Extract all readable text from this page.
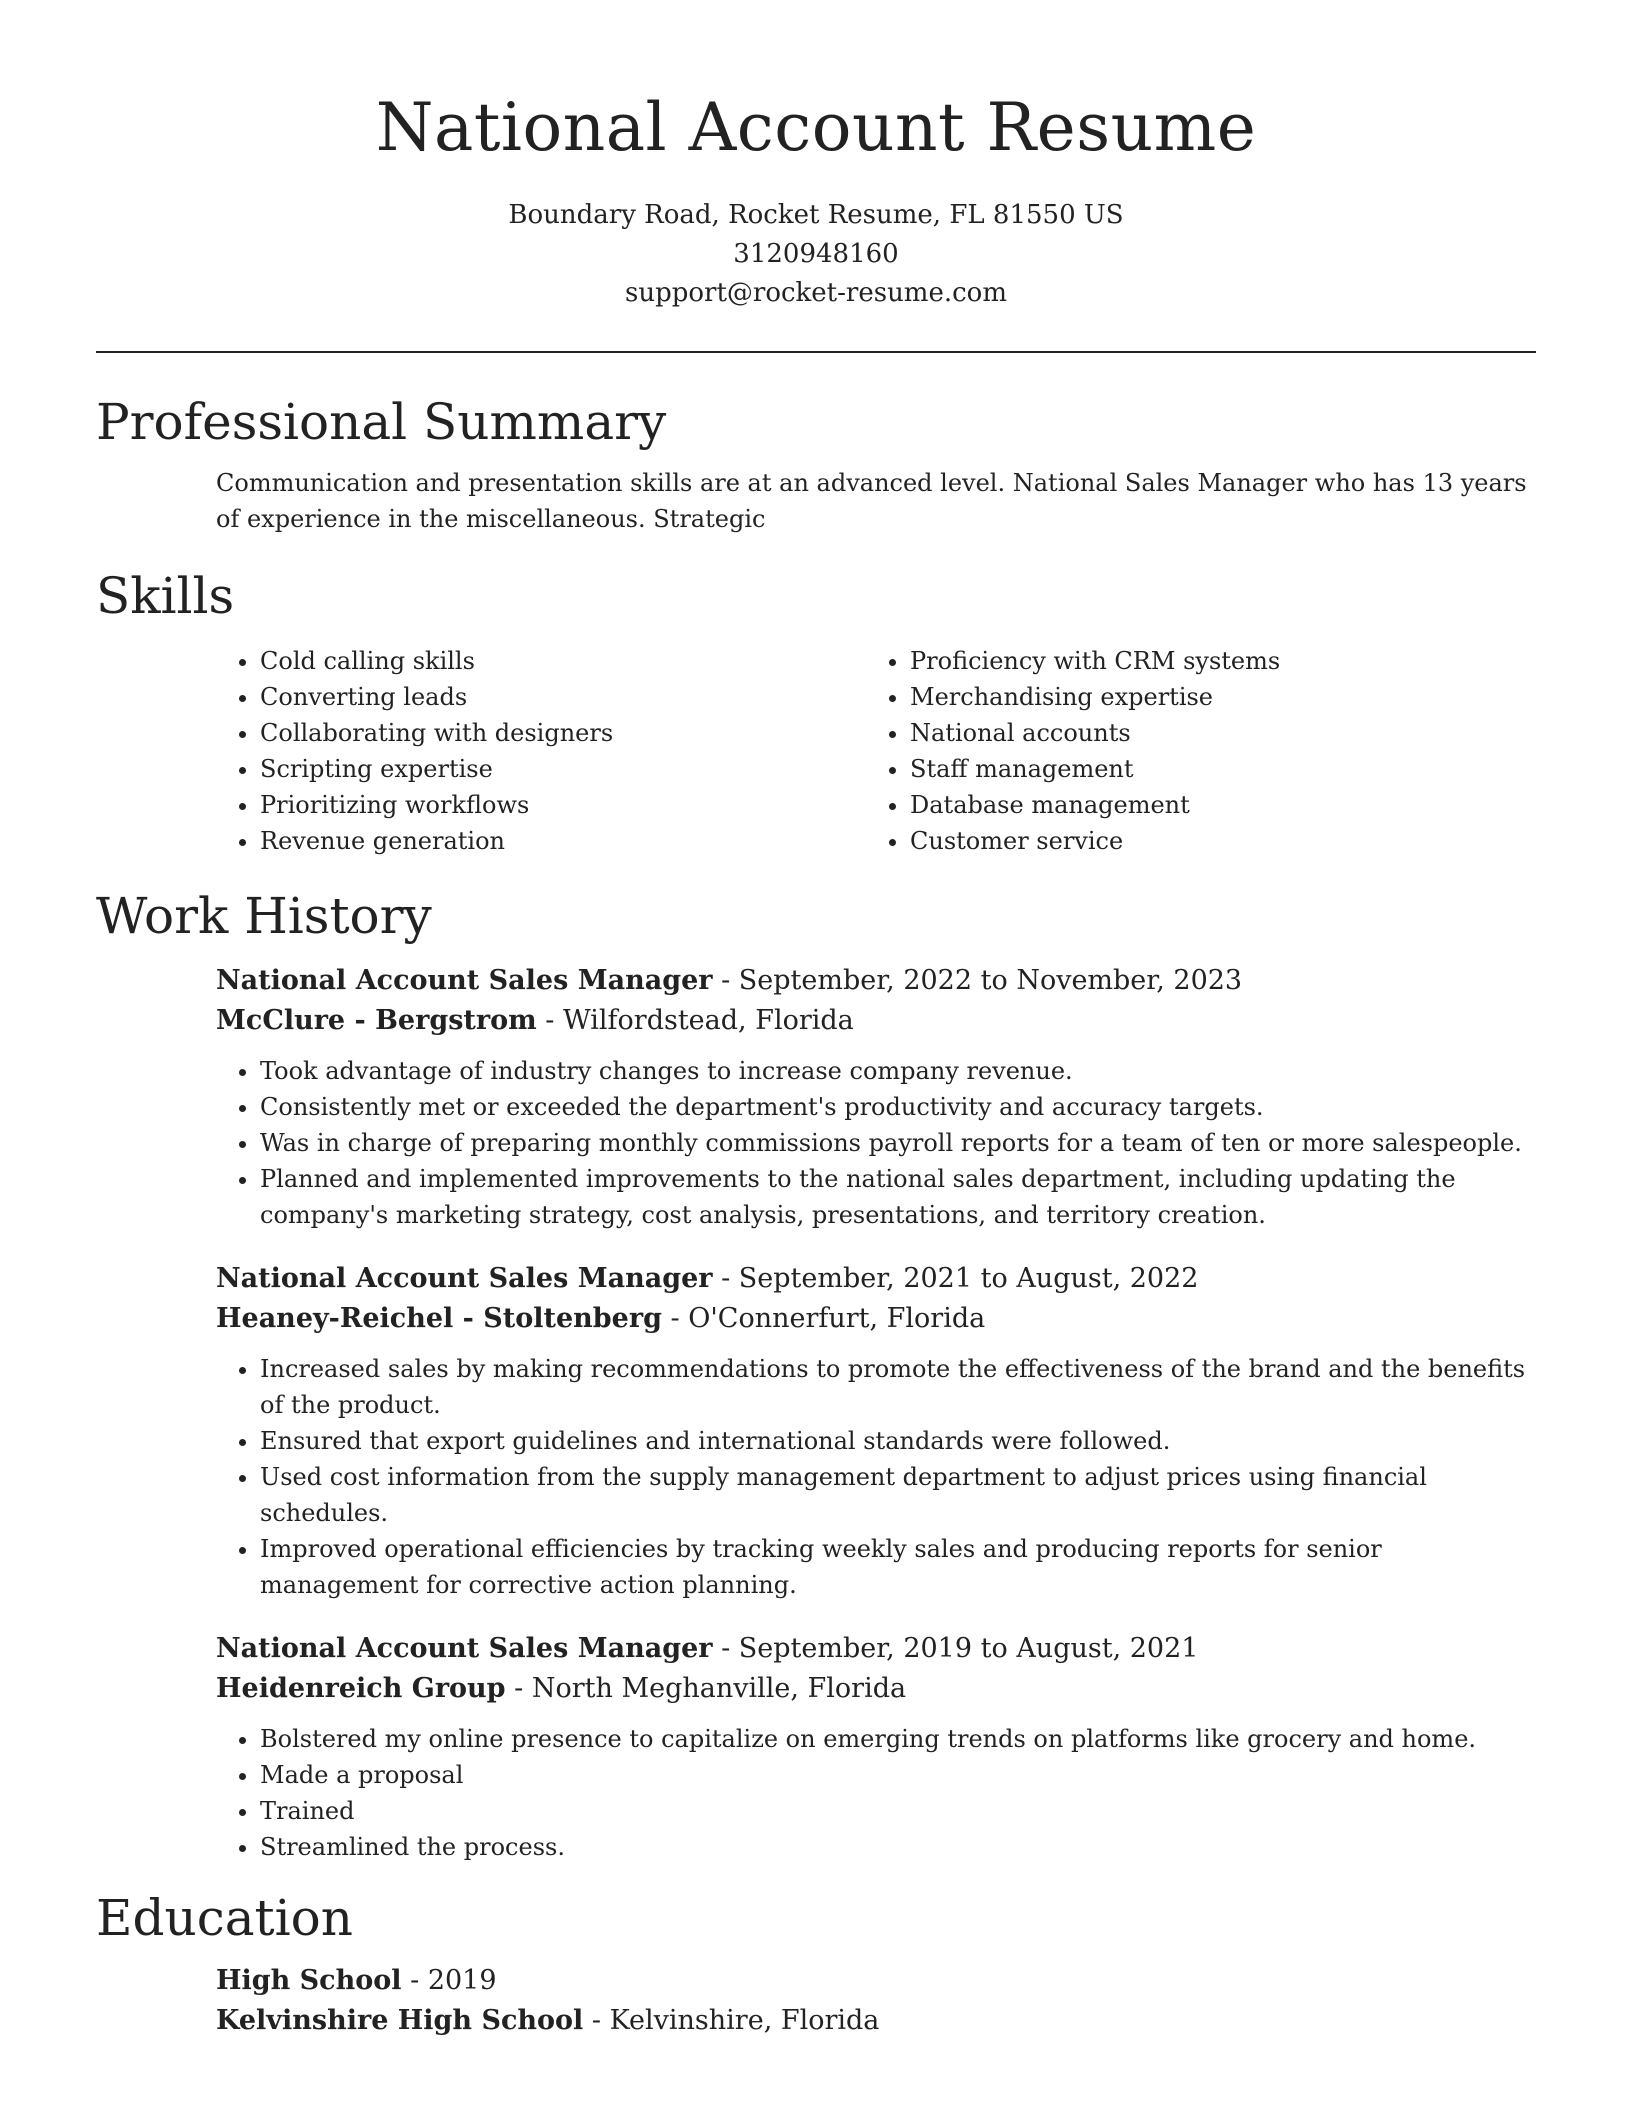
National Account Resume
Boundary Road, Rocket Resume, FL 81550 US
3120948160
support@rocket-resume.com
Professional Summary
Communication and presentation skills are at an advanced level. National Sales Manager who has 13 years of experience in the miscellaneous. Strategic
Skills
• Cold calling skills
• Converting leads
• Collaborating with designers
• Scripting expertise
• Prioritizing workflows
• Revenue generation
• Proficiency with CRM systems
• Merchandising expertise
• National accounts
• Staff management
• Database management
• Customer service
Work History
National Account Sales Manager - September, 2022 to November, 2023
McClure - Bergstrom - Wilfordstead, Florida
• Took advantage of industry changes to increase company revenue.
• Consistently met or exceeded the department's productivity and accuracy targets.
• Was in charge of preparing monthly commissions payroll reports for a team of ten or more salespeople.
• Planned and implemented improvements to the national sales department, including updating the company's marketing strategy, cost analysis, presentations, and territory creation.
National Account Sales Manager - September, 2021 to August, 2022
Heaney-Reichel - Stoltenberg - O'Connerfurt, Florida
• Increased sales by making recommendations to promote the effectiveness of the brand and the benefits of the product.
• Ensured that export guidelines and international standards were followed.
• Used cost information from the supply management department to adjust prices using financial schedules.
• Improved operational efficiencies by tracking weekly sales and producing reports for senior management for corrective action planning.
National Account Sales Manager - September, 2019 to August, 2021
Heidenreich Group - North Meghanville, Florida
• Bolstered my online presence to capitalize on emerging trends on platforms like grocery and home.
• Made a proposal
• Trained
• Streamlined the process.
Education
High School - 2019
Kelvinshire High School - Kelvinshire, Florida
